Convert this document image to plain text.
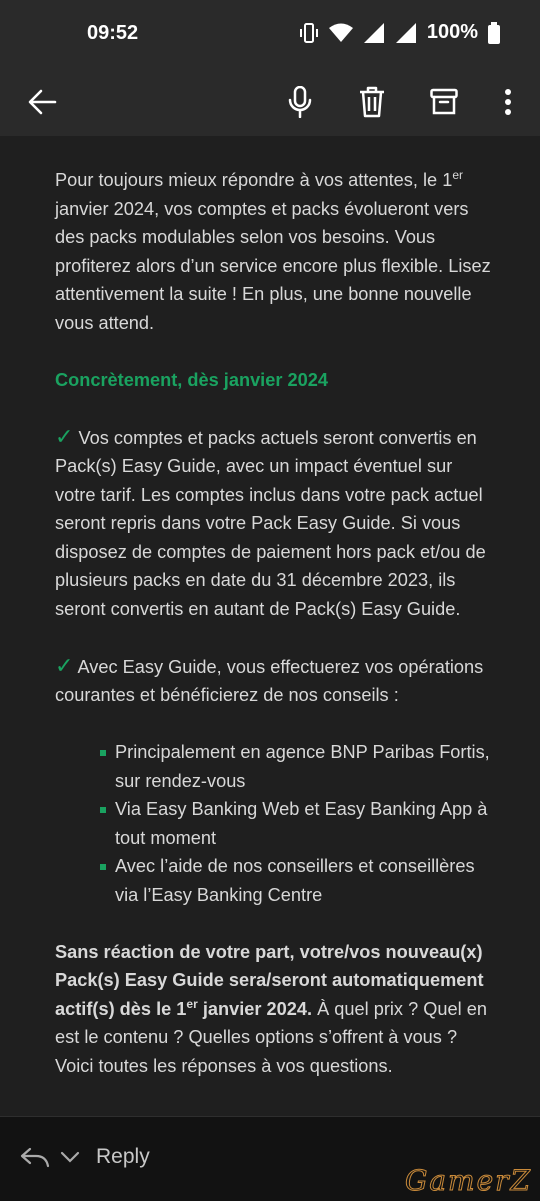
09:52	100%

Pour toujours mieux répondre à vos attentes, le 1er janvier 2024, vos comptes et packs évolueront vers des packs modulables selon vos besoins. Vous profiterez alors d’un service encore plus flexible. Lisez attentivement la suite ! En plus, une bonne nouvelle vous attend.

Concrètement, dès janvier 2024

✓ Vos comptes et packs actuels seront convertis en Pack(s) Easy Guide, avec un impact éventuel sur votre tarif. Les comptes inclus dans votre pack actuel seront repris dans votre Pack Easy Guide. Si vous disposez de comptes de paiement hors pack et/ou de plusieurs packs en date du 31 décembre 2023, ils seront convertis en autant de Pack(s) Easy Guide.

✓ Avec Easy Guide, vous effectuerez vos opérations courantes et bénéficierez de nos conseils :

Principalement en agence BNP Paribas Fortis, sur rendez-vous
Via Easy Banking Web et Easy Banking App à tout moment
Avec l’aide de nos conseillers et conseillères via l’Easy Banking Centre

Sans réaction de votre part, votre/vos nouveau(x) Pack(s) Easy Guide sera/seront automatiquement actif(s) dès le 1er janvier 2024. À quel prix ? Quel en est le contenu ? Quelles options s’offrent à vous ? Voici toutes les réponses à vos questions.

Reply
GamerZ
